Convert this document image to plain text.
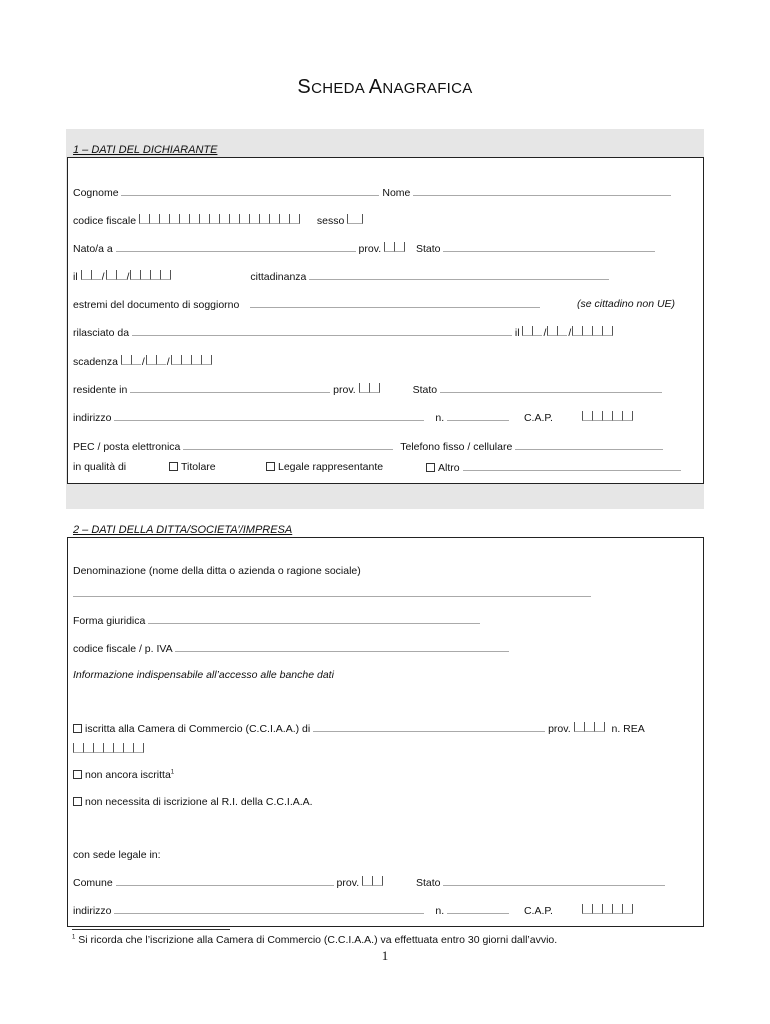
SCHEDA ANAGRAFICA
1 – DATI DEL DICHIARANTE
Cognome	Nome
codice fiscale	sesso
Nato/a a	prov.	Stato
il / /	cittadinanza
estremi del documento di soggiorno	(se cittadino non UE)
rilasciato da	il / /
scadenza / /
residente in	prov.	Stato
indirizzo	n.	C.A.P.
PEC / posta elettronica	Telefono fisso / cellulare
in qualità di	Titolare	Legale rappresentante	Altro
2 – DATI DELLA DITTA/SOCIETA’/IMPRESA
Denominazione (nome della ditta o azienda o ragione sociale)
Forma giuridica
codice fiscale / p. IVA
Informazione indispensabile all’accesso alle banche dati
iscritta alla Camera di Commercio (C.C.I.A.A.) di	prov.	n. REA
non ancora iscritta$^1$
non necessita di iscrizione al R.I. della C.C.I.A.A.
con sede legale in:
Comune	prov.	Stato
indirizzo	n.	C.A.P.
$^1$ Si ricorda che l’iscrizione alla Camera di Commercio (C.C.I.A.A.) va effettuata entro 30 giorni dall’avvio.
1
